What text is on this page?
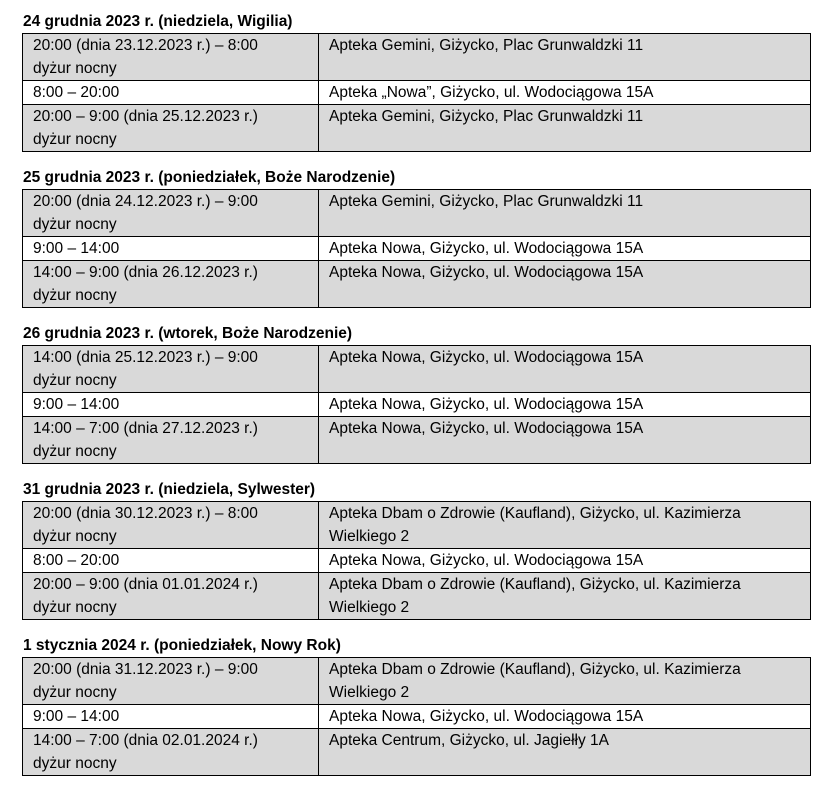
24 grudnia 2023 r. (niedziela, Wigilia)
20:00 (dnia 23.12.2023 r.) – 8:00
dyżur nocny	Apteka Gemini, Giżycko, Plac Grunwaldzki 11
8:00 – 20:00	Apteka „Nowa”, Giżycko, ul. Wodociągowa 15A
20:00 – 9:00 (dnia 25.12.2023 r.)
dyżur nocny	Apteka Gemini, Giżycko, Plac Grunwaldzki 11
25 grudnia 2023 r. (poniedziałek, Boże Narodzenie)
20:00 (dnia 24.12.2023 r.) – 9:00
dyżur nocny	Apteka Gemini, Giżycko, Plac Grunwaldzki 11
9:00 – 14:00	Apteka Nowa, Giżycko, ul. Wodociągowa 15A
14:00 – 9:00 (dnia 26.12.2023 r.)
dyżur nocny	Apteka Nowa, Giżycko, ul. Wodociągowa 15A
26 grudnia 2023 r. (wtorek, Boże Narodzenie)
14:00 (dnia 25.12.2023 r.) – 9:00
dyżur nocny	Apteka Nowa, Giżycko, ul. Wodociągowa 15A
9:00 – 14:00	Apteka Nowa, Giżycko, ul. Wodociągowa 15A
14:00 – 7:00 (dnia 27.12.2023 r.)
dyżur nocny	Apteka Nowa, Giżycko, ul. Wodociągowa 15A
31 grudnia 2023 r. (niedziela, Sylwester)
20:00 (dnia 30.12.2023 r.) – 8:00
dyżur nocny	Apteka Dbam o Zdrowie (Kaufland), Giżycko, ul. Kazimierza
Wielkiego 2
8:00 – 20:00	Apteka Nowa, Giżycko, ul. Wodociągowa 15A
20:00 – 9:00 (dnia 01.01.2024 r.)
dyżur nocny	Apteka Dbam o Zdrowie (Kaufland), Giżycko, ul. Kazimierza
Wielkiego 2
1 stycznia 2024 r. (poniedziałek, Nowy Rok)
20:00 (dnia 31.12.2023 r.) – 9:00
dyżur nocny	Apteka Dbam o Zdrowie (Kaufland), Giżycko, ul. Kazimierza
Wielkiego 2
9:00 – 14:00	Apteka Nowa, Giżycko, ul. Wodociągowa 15A
14:00 – 7:00 (dnia 02.01.2024 r.)
dyżur nocny	Apteka Centrum, Giżycko, ul. Jagiełły 1A
